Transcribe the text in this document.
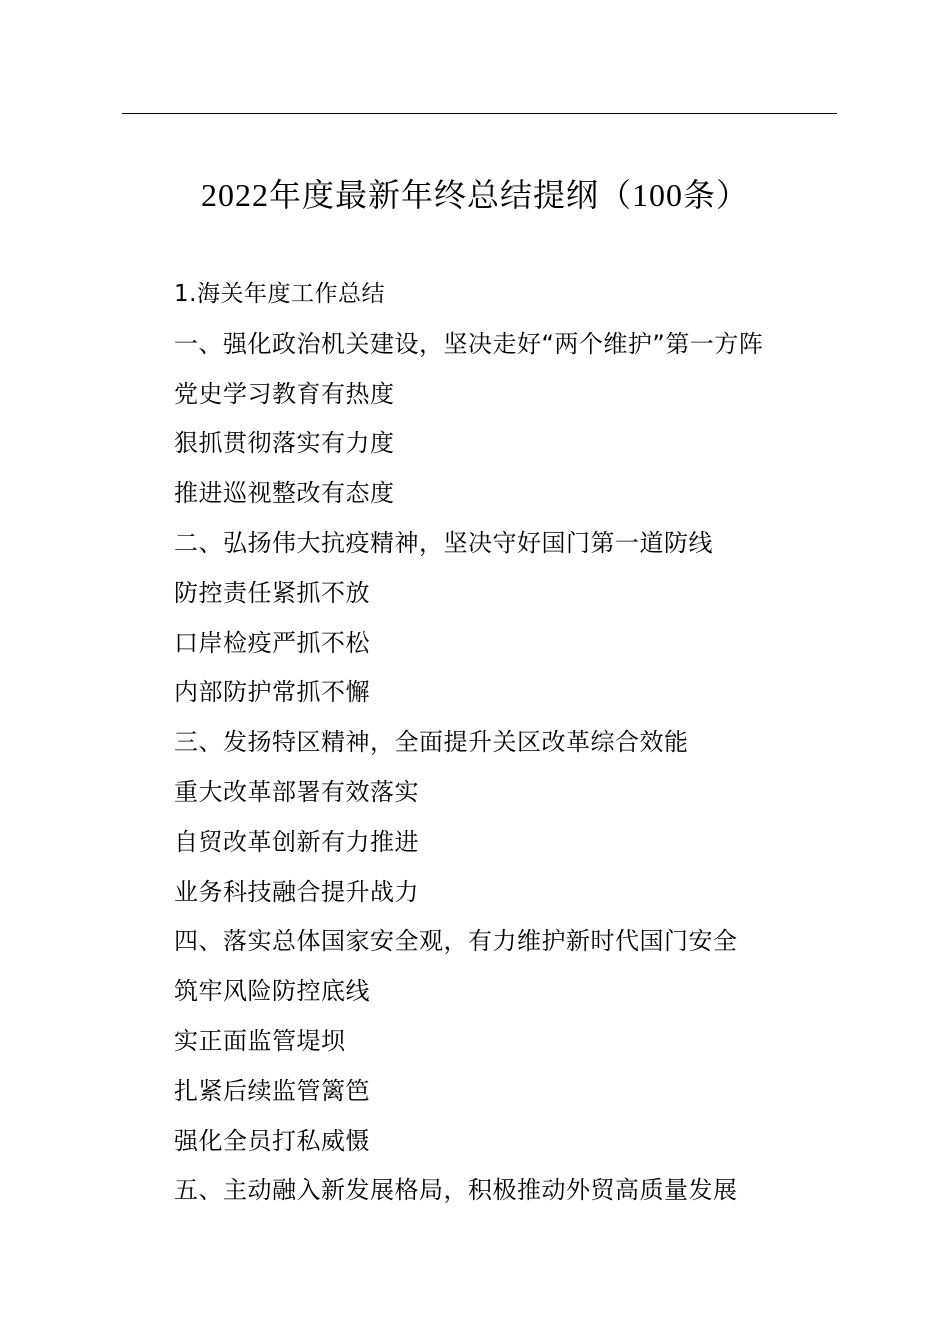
2022年度最新年终总结提纲（100条）
1.海关年度工作总结
一、强化政治机关建设，坚决走好“两个维护”第一方阵
党史学习教育有热度
狠抓贯彻落实有力度
推进巡视整改有态度
二、弘扬伟大抗疫精神，坚决守好国门第一道防线
防控责任紧抓不放
口岸检疫严抓不松
内部防护常抓不懈
三、发扬特区精神，全面提升关区改革综合效能
重大改革部署有效落实
自贸改革创新有力推进
业务科技融合提升战力
四、落实总体国家安全观，有力维护新时代国门安全
筑牢风险防控底线
实正面监管堤坝
扎紧后续监管篱笆
强化全员打私威慑
五、主动融入新发展格局，积极推动外贸高质量发展
